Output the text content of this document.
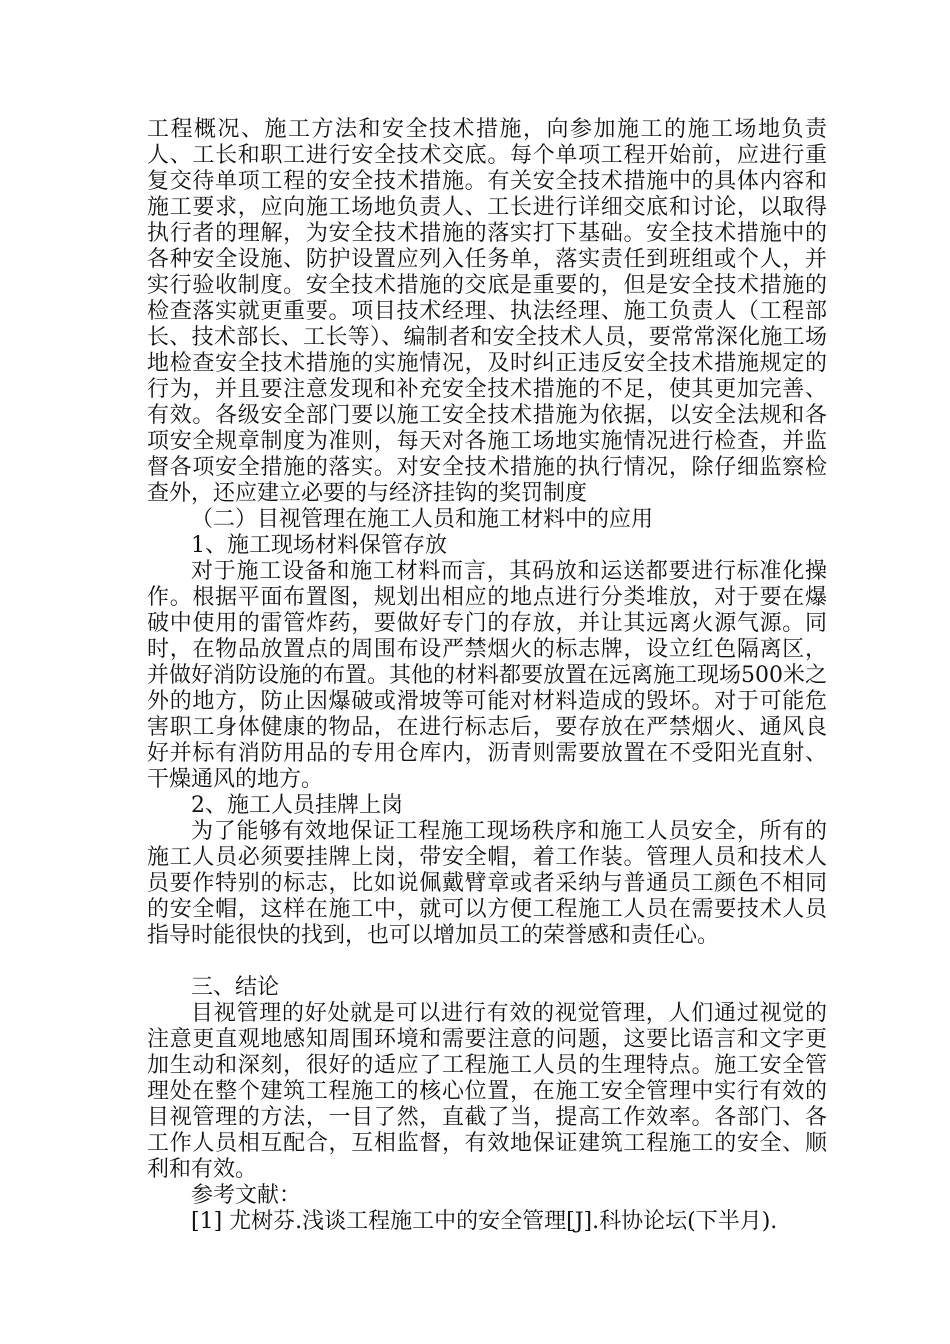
工程概况、施工方法和安全技术措施，向参加施工的施工场地负责人、工长和职工进行安全技术交底。每个单项工程开始前，应进行重复交待单项工程的安全技术措施。有关安全技术措施中的具体内容和施工要求，应向施工场地负责人、工长进行详细交底和讨论，以取得执行者的理解，为安全技术措施的落实打下基础。安全技术措施中的各种安全设施、防护设置应列入任务单，落实责任到班组或个人，并实行验收制度。安全技术措施的交底是重要的，但是安全技术措施的检查落实就更重要。项目技术经理、执法经理、施工负责人（工程部长、技术部长、工长等）、编制者和安全技术人员，要常常深化施工场地检查安全技术措施的实施情况，及时纠正违反安全技术措施规定的行为，并且要注意发现和补充安全技术措施的不足，使其更加完善、有效。各级安全部门要以施工安全技术措施为依据，以安全法规和各项安全规章制度为准则，每天对各施工场地实施情况进行检查，并监督各项安全措施的落实。对安全技术措施的执行情况，除仔细监察检查外，还应建立必要的与经济挂钩的奖罚制度

（二）目视管理在施工人员和施工材料中的应用

1、施工现场材料保管存放

对于施工设备和施工材料而言，其码放和运送都要进行标准化操作。根据平面布置图，规划出相应的地点进行分类堆放，对于要在爆破中使用的雷管炸药，要做好专门的存放，并让其远离火源气源。同时，在物品放置点的周围布设严禁烟火的标志牌，设立红色隔离区，并做好消防设施的布置。其他的材料都要放置在远离施工现场500米之外的地方，防止因爆破或滑坡等可能对材料造成的毁坏。对于可能危害职工身体健康的物品，在进行标志后，要存放在严禁烟火、通风良好并标有消防用品的专用仓库内，沥青则需要放置在不受阳光直射、干燥通风的地方。

2、施工人员挂牌上岗

为了能够有效地保证工程施工现场秩序和施工人员安全，所有的施工人员必须要挂牌上岗，带安全帽，着工作装。管理人员和技术人员要作特别的标志，比如说佩戴臂章或者采纳与普通员工颜色不相同的安全帽，这样在施工中，就可以方便工程施工人员在需要技术人员指导时能很快的找到，也可以增加员工的荣誉感和责任心。

三、结论

目视管理的好处就是可以进行有效的视觉管理，人们通过视觉的注意更直观地感知周围环境和需要注意的问题，这要比语言和文字更加生动和深刻，很好的适应了工程施工人员的生理特点。施工安全管理处在整个建筑工程施工的核心位置，在施工安全管理中实行有效的目视管理的方法，一目了然，直截了当，提高工作效率。各部门、各工作人员相互配合，互相监督，有效地保证建筑工程施工的安全、顺利和有效。

参考文献：

[1] 尤树芬.浅谈工程施工中的安全管理[J].科协论坛(下半月).
